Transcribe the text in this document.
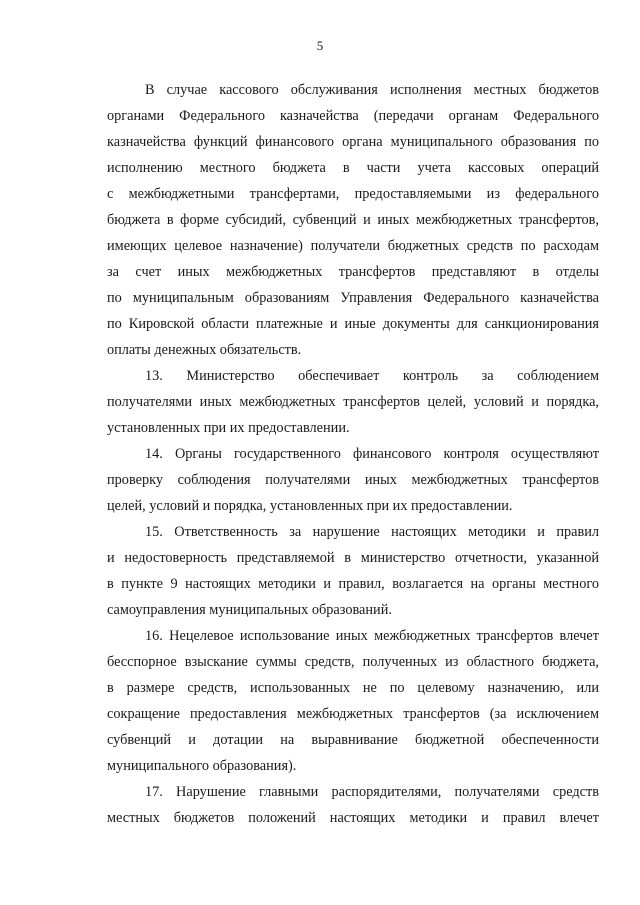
5
В случае кассового обслуживания исполнения местных бюджетов
органами Федерального казначейства (передачи органам Федерального
казначейства функций финансового органа муниципального образования по
исполнению местного бюджета в части учета кассовых операций
с межбюджетными трансфертами, предоставляемыми из федерального
бюджета в форме субсидий, субвенций и иных межбюджетных трансфертов,
имеющих целевое назначение) получатели бюджетных средств по расходам
за счет иных межбюджетных трансфертов представляют в отделы
по муниципальным образованиям Управления Федерального казначейства
по Кировской области платежные и иные документы для санкционирования
оплаты денежных обязательств.
13. Министерство обеспечивает контроль за соблюдением
получателями иных межбюджетных трансфертов целей, условий и порядка,
установленных при их предоставлении.
14. Органы государственного финансового контроля осуществляют
проверку соблюдения получателями иных межбюджетных трансфертов
целей, условий и порядка, установленных при их предоставлении.
15. Ответственность за нарушение настоящих методики и правил
и недостоверность представляемой в министерство отчетности, указанной
в пункте 9 настоящих методики и правил, возлагается на органы местного
самоуправления муниципальных образований.
16. Нецелевое использование иных межбюджетных трансфертов влечет
бесспорное взыскание суммы средств, полученных из областного бюджета,
в размере средств, использованных не по целевому назначению, или
сокращение предоставления межбюджетных трансфертов (за исключением
субвенций и дотации на выравнивание бюджетной обеспеченности
муниципального образования).
17. Нарушение главными распорядителями, получателями средств
местных бюджетов положений настоящих методики и правил влечет
